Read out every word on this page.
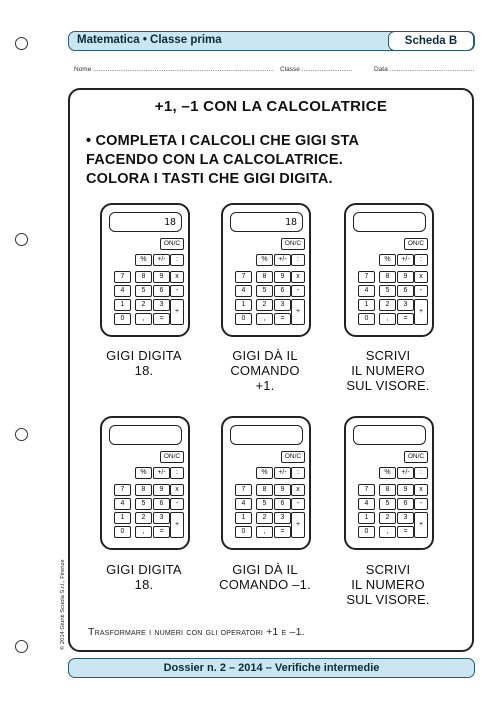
Matematica • Classe prima	Scheda B
Nome .................................................................................................... Classe ............................	Data ...............................................
+1, –1 CON LA CALCOLATRICE

• COMPLETA I CALCOLI CHE GIGI STA

FACENDO CON LA CALCOLATRICE.

COLORA I TASTI CHE GIGI DIGITA.

18
ON/C
%	+/-	:
7	8	9	x
4	5	6	-
1	2	3
+
0	,	=
18
ON/C
%	+/-	:
7	8	9	x
4	5	6	-
1	2	3
+
0	,	=
ON/C
%	+/-	:
7	8	9	x
4	5	6	-
1	2	3
+
0	,	=
ON/C
%	+/-	:
7	8	9	x
4	5	6	-
1	2	3
+
0	,	=
ON/C
%	+/-	:
7	8	9	x
4	5	6	-
1	2	3
+
0	,	=
ON/C
%	+/-	:
7	8	9	x
4	5	6	-
1	2	3
+
0	,	=

GIGI DIGITA

18.

GIGI DÀ IL

COMANDO

+1.

SCRIVI

IL NUMERO

SUL VISORE.

GIGI DIGITA

18.

GIGI DÀ IL

COMANDO –1.

SCRIVI

IL NUMERO

SUL VISORE.

Trasformare i numeri con gli operatori +1 e –1.
Dossier n. 2 – 2014 – Verifiche intermedie
© 2014 Giunti Scuola S.r.l., Firenze
